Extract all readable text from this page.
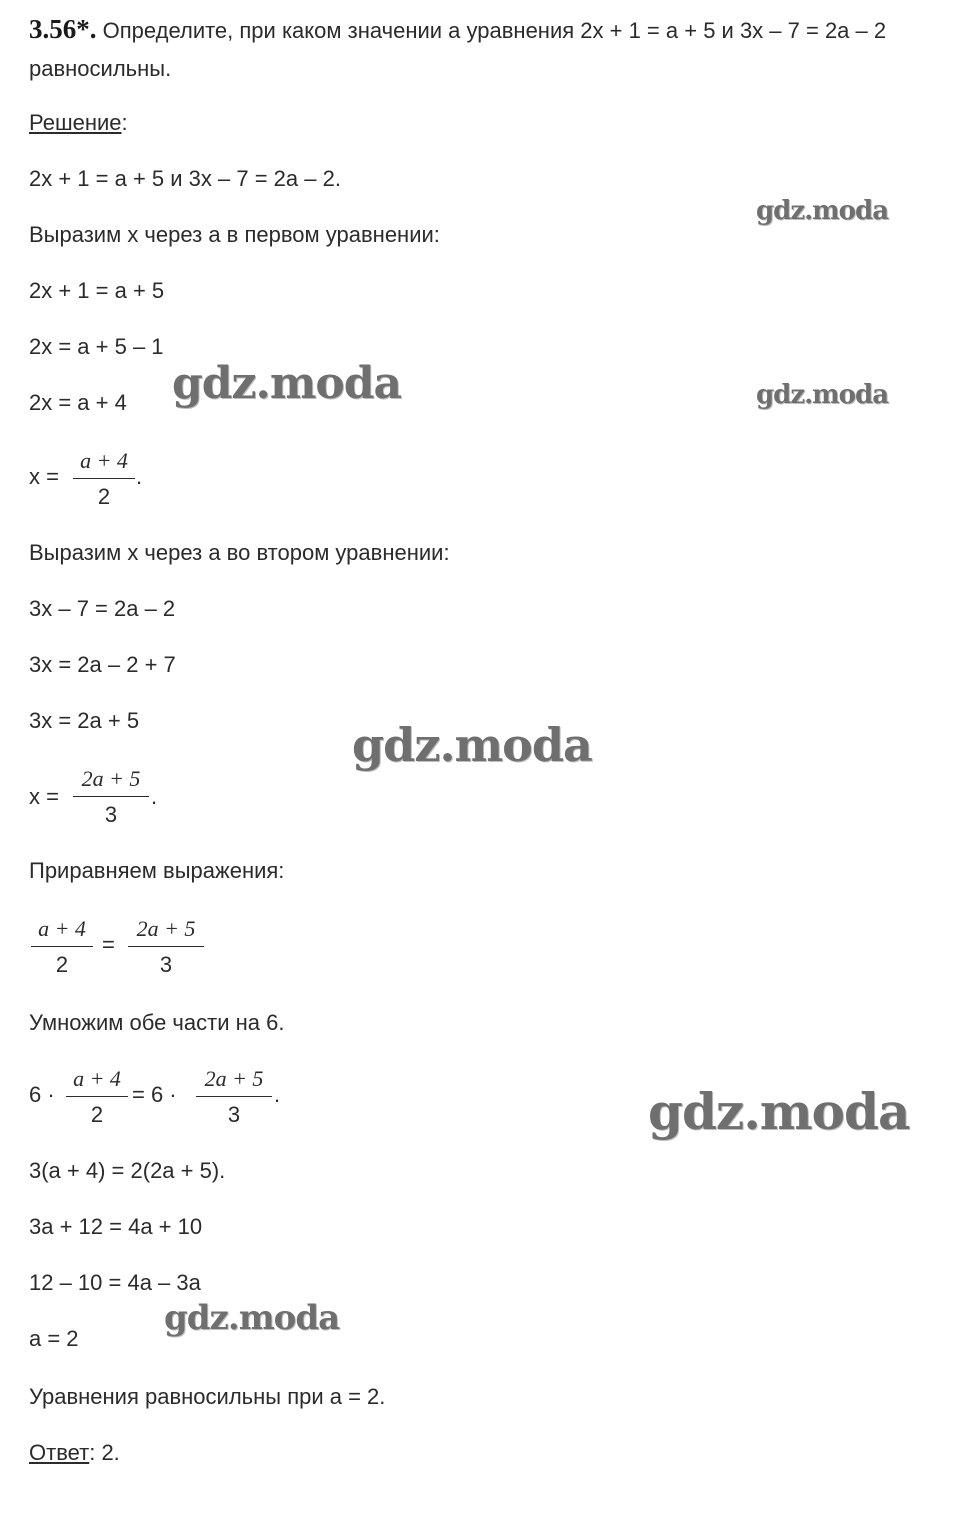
3.56*. Определите, при каком значении а уравнения 2x + 1 = a + 5 и 3x – 7 = 2a – 2
равносильны.
Решение:
2x + 1 = a + 5 и 3x – 7 = 2a – 2.
Выразим x через a в первом уравнении:
2x + 1 = a + 5
2x = a + 5 – 1
2x = a + 4
x =
a + 4
2
.
Выразим x через a во втором уравнении:
3x – 7 = 2a – 2
3x = 2a – 2 + 7
3x = 2a + 5
x =
2a + 5
3
.
Приравняем выражения:
a + 4
2
=
2a + 5
3
Умножим обе части на 6.
6 ·
a + 4
2
= 6 ·
2a + 5
3
.
3(a + 4) = 2(2a + 5).
3a + 12 = 4a + 10
12 – 10 = 4a – 3a
a = 2
Уравнения равносильны при a = 2.
Ответ: 2.
gdz.moda
gdz.moda	gdz.moda
gdz.moda
gdz.moda
gdz.moda
